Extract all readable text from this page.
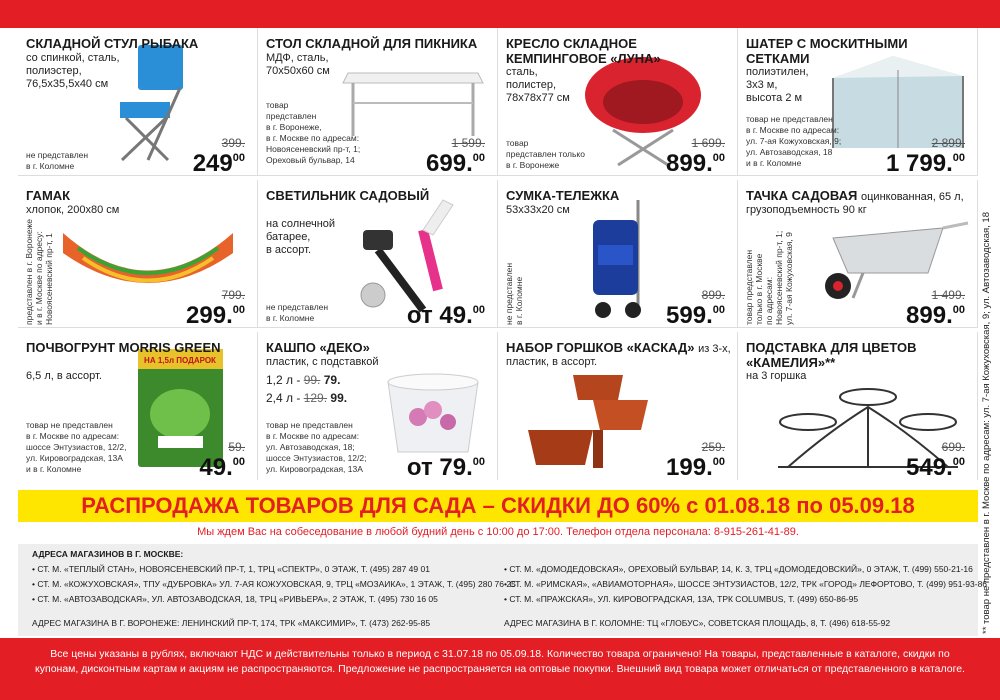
СКЛАДНОЙ СТУЛ РЫБАКА
со спинкой, сталь,
полиэстер,
76,5x35,5x40 см
не представлен
в г. Коломне
399.
$249^{00}$
СТОЛ СКЛАДНОЙ ДЛЯ ПИКНИКА
МДФ, сталь,
70x50x60 см
товар
представлен
в г. Воронеже,
в г. Москве по адресам:
Новоясеневский пр-т, 1;
Ореховый бульвар, 14
1 599.
699.00
КРЕСЛО СКЛАДНОЕ КЕМПИНГОВОЕ «ЛУНА»
сталь,
полистер,
78x78x77 см
товар
представлен только
в г. Воронеже
1 699.
899.00
ШАТЕР С МОСКИТНЫМИ СЕТКАМИ
полиэтилен,
3x3 м,
высота 2 м
товар не представлен
в г. Москве по адресам:
ул. 7-ая Кожуховская, 9;
ул. Автозаводская, 18
и в г. Коломне
2 899.
1 799.00
ГАМАК
хлопок, 200x80 см
представлен в г. Воронеже
и в г. Москве по адресу:
Новоясеневский пр-т, 1
799.
299.00
СВЕТИЛЬНИК САДОВЫЙ
на солнечной
батарее,
в ассорт.
не представлен
в г. Коломне	от 49.00
СУМКА-ТЕЛЕЖКА
53x33x20 см
не представлен
в г. Коломне	899.
599.00
ТАЧКА САДОВАЯ оцинкованная, 65 л,
грузоподъемность 90 кг
товар представлен
только в г. Москве
по адресам:
Новоясеневский пр-т, 1;
ул. 7-ая Кожуховская, 9
1 499.
899.00
ПОЧВОГРУНТ MORRIS GREEN
6,5 л, в ассорт.
НА 1,5л ПОДАРОК
товар не представлен
в г. Москве по адресам:
шоссе Энтузиастов, 12/2,
ул. Кировоградская, 13А
и в г. Коломне
59.
49.00
КАШПО «ДЕКО»
пластик, с подставкой
1,2 л - 99. 79.
2,4 л - 129. 99.
товар не представлен
в г. Москве по адресам:
ул. Автозаводская, 18;
шоссе Энтузиастов, 12/2;
ул. Кировоградская, 13А от 79.00
НАБОР ГОРШКОВ «КАСКАД» из 3-х,
пластик, в ассорт.
259.
199.00
ПОДСТАВКА ДЛЯ ЦВЕТОВ «КАМЕЛИЯ»**
на 3 горшка
699.
549.00 ** товар не представлен в г. Москве по адресам: ул. 7-ая Кожуховская, 9; ул. Автозаводская, 18
РАСПРОДАЖА ТОВАРОВ ДЛЯ САДА – СКИДКИ ДО 60% с 01.08.18 по 05.09.18
Мы ждем Вас на собеседование в любой будний день с 10:00 до 17:00. Телефон отдела персонала: 8-915-261-41-89.
АДРЕСА МАГАЗИНОВ В Г. МОСКВЕ:
• СТ. М. «ТЕПЛЫЙ СТАН», НОВОЯСЕНЕВСКИЙ ПР-Т, 1, ТРЦ «СПЕКТР», 0 ЭТАЖ, Т. (495) 287 49 01
• СТ. М. «КОЖУХОВСКАЯ», ТПУ «ДУБРОВКА» УЛ. 7-АЯ КОЖУХОВСКАЯ, 9, ТРЦ «МОЗАИКА», 1 ЭТАЖ, Т. (495) 280 76 25
• СТ. М. «АВТОЗАВОДСКАЯ», УЛ. АВТОЗАВОДСКАЯ, 18, ТРЦ «РИВЬЕРА», 2 ЭТАЖ, Т. (495) 730 16 05
• СТ. М. «ДОМОДЕДОВСКАЯ», ОРЕХОВЫЙ БУЛЬВАР, 14, К. 3, ТРЦ «ДОМОДЕДОВСКИЙ», 0 ЭТАЖ, Т. (499) 550-21-16
• СТ. М. «РИМСКАЯ», «АВИАМОТОРНАЯ», ШОССЕ ЭНТУЗИАСТОВ, 12/2, ТРК «ГОРОД» ЛЕФОРТОВО, Т. (499) 951-93-86
• СТ. М. «ПРАЖСКАЯ», УЛ. КИРОВОГРАДСКАЯ, 13А, ТРК COLUMBUS, Т. (499) 650-86-95
АДРЕС МАГАЗИНА В Г. ВОРОНЕЖЕ: ЛЕНИНСКИЙ ПР-Т, 174, ТРК «МАКСИМИР», Т. (473) 262-95-85	АДРЕС МАГАЗИНА В Г. КОЛОМНЕ: ТЦ «ГЛОБУС», СОВЕТСКАЯ ПЛОЩАДЬ, 8, Т. (496) 618-55-92
Все цены указаны в рублях, включают НДС и действительны только в период с 31.07.18 по 05.09.18. Количество товара ограничено! На товары, представленные в каталоге, скидки по купонам, дисконтным картам и акциям не распространяются. Предложение не распространяется на оптовые покупки. Внешний вид товара может отличаться от представленного в каталоге.
